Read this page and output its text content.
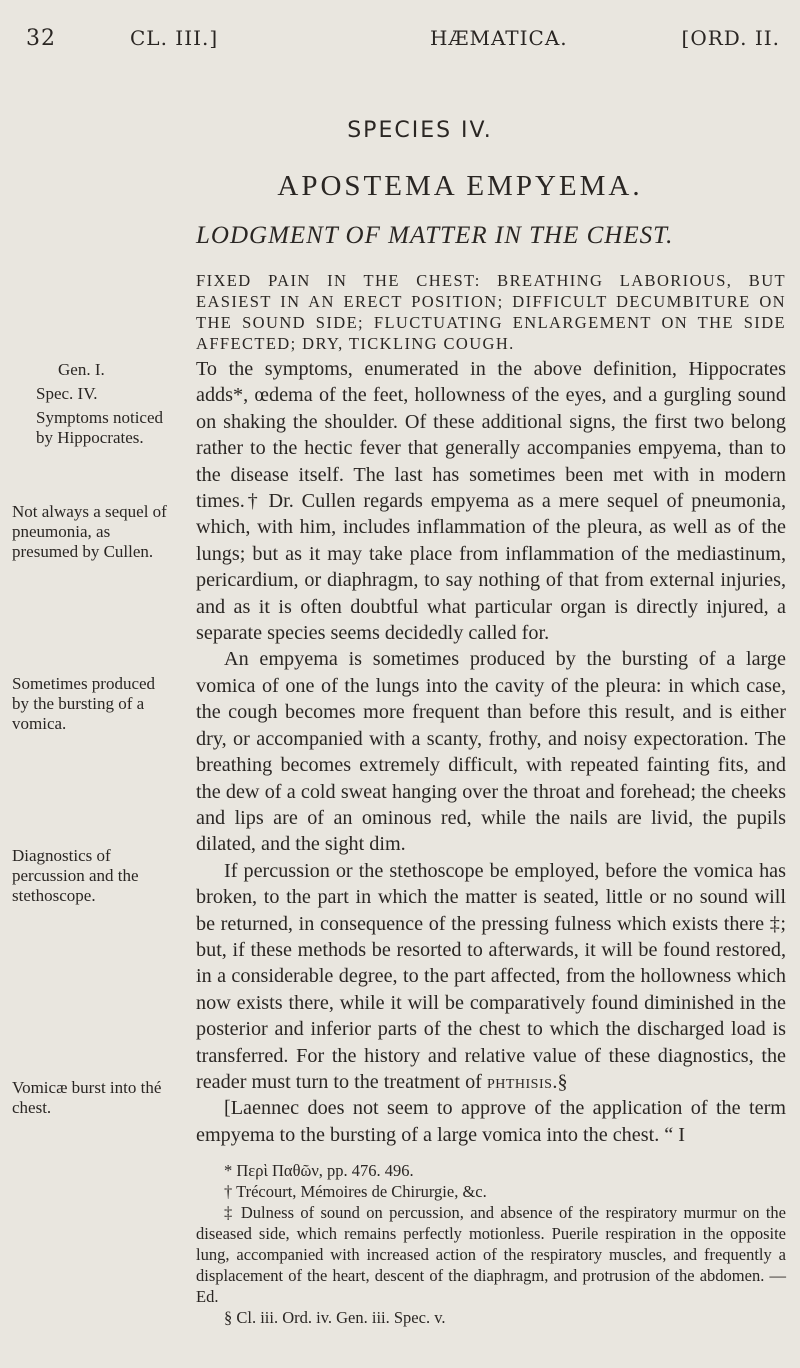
32	CL. III.]	HÆMATICA.	[ORD. II.
SPECIES IV.
APOSTEMA EMPYEMA.
LODGMENT OF MATTER IN THE CHEST.
FIXED PAIN IN THE CHEST: BREATHING LABORIOUS, BUT EASIEST IN AN ERECT POSITION; DIFFICULT DECUMBITURE ON THE SOUND SIDE; FLUCTUATING ENLARGEMENT ON THE SIDE AFFECTED; DRY, TICKLING COUGH.
Gen. I.
Spec. IV.
Symptoms noticed by Hippocrates.
Not always a sequel of pneumonia, as presumed by Cullen.
Sometimes produced by the bursting of a vomica.
Diagnostics of percussion and the stethoscope.
Vomicæ burst into thé chest.

To the symptoms, enumerated in the above definition, Hippocrates adds*, œdema of the feet, hollowness of the eyes, and a gurgling sound on shaking the shoulder. Of these additional signs, the first two belong rather to the hectic fever that generally accompanies empyema, than to the disease itself. The last has sometimes been met with in modern times.† Dr. Cullen regards empyema as a mere sequel of pneumonia, which, with him, includes inflammation of the pleura, as well as of the lungs; but as it may take place from inflammation of the mediastinum, pericardium, or diaphragm, to say nothing of that from external injuries, and as it is often doubtful what particular organ is directly injured, a separate species seems decidedly called for.

An empyema is sometimes produced by the bursting of a large vomica of one of the lungs into the cavity of the pleura: in which case, the cough becomes more frequent than before this result, and is either dry, or accompanied with a scanty, frothy, and noisy expectoration. The breathing becomes extremely difficult, with repeated fainting fits, and the dew of a cold sweat hanging over the throat and forehead; the cheeks and lips are of an ominous red, while the nails are livid, the pupils dilated, and the sight dim.

If percussion or the stethoscope be employed, before the vomica has broken, to the part in which the matter is seated, little or no sound will be returned, in consequence of the pressing fulness which exists there ‡; but, if these methods be resorted to afterwards, it will be found restored, in a considerable degree, to the part affected, from the hollowness which now exists there, while it will be comparatively found diminished in the posterior and inferior parts of the chest to which the discharged load is transferred. For the history and relative value of these diagnostics, the reader must turn to the treatment of phthisis.§

[Laennec does not seem to approve of the application of the term empyema to the bursting of a large vomica into the chest. “ I

* Περὶ Παθῶν, pp. 476. 496.

† Trécourt, Mémoires de Chirurgie, &c.

‡ Dulness of sound on percussion, and absence of the respiratory murmur on the diseased side, which remains perfectly motionless. Puerile respiration in the opposite lung, accompanied with increased action of the respiratory muscles, and frequently a displacement of the heart, descent of the diaphragm, and protrusion of the abdomen. — Ed.

§ Cl. iii. Ord. iv. Gen. iii. Spec. v.
